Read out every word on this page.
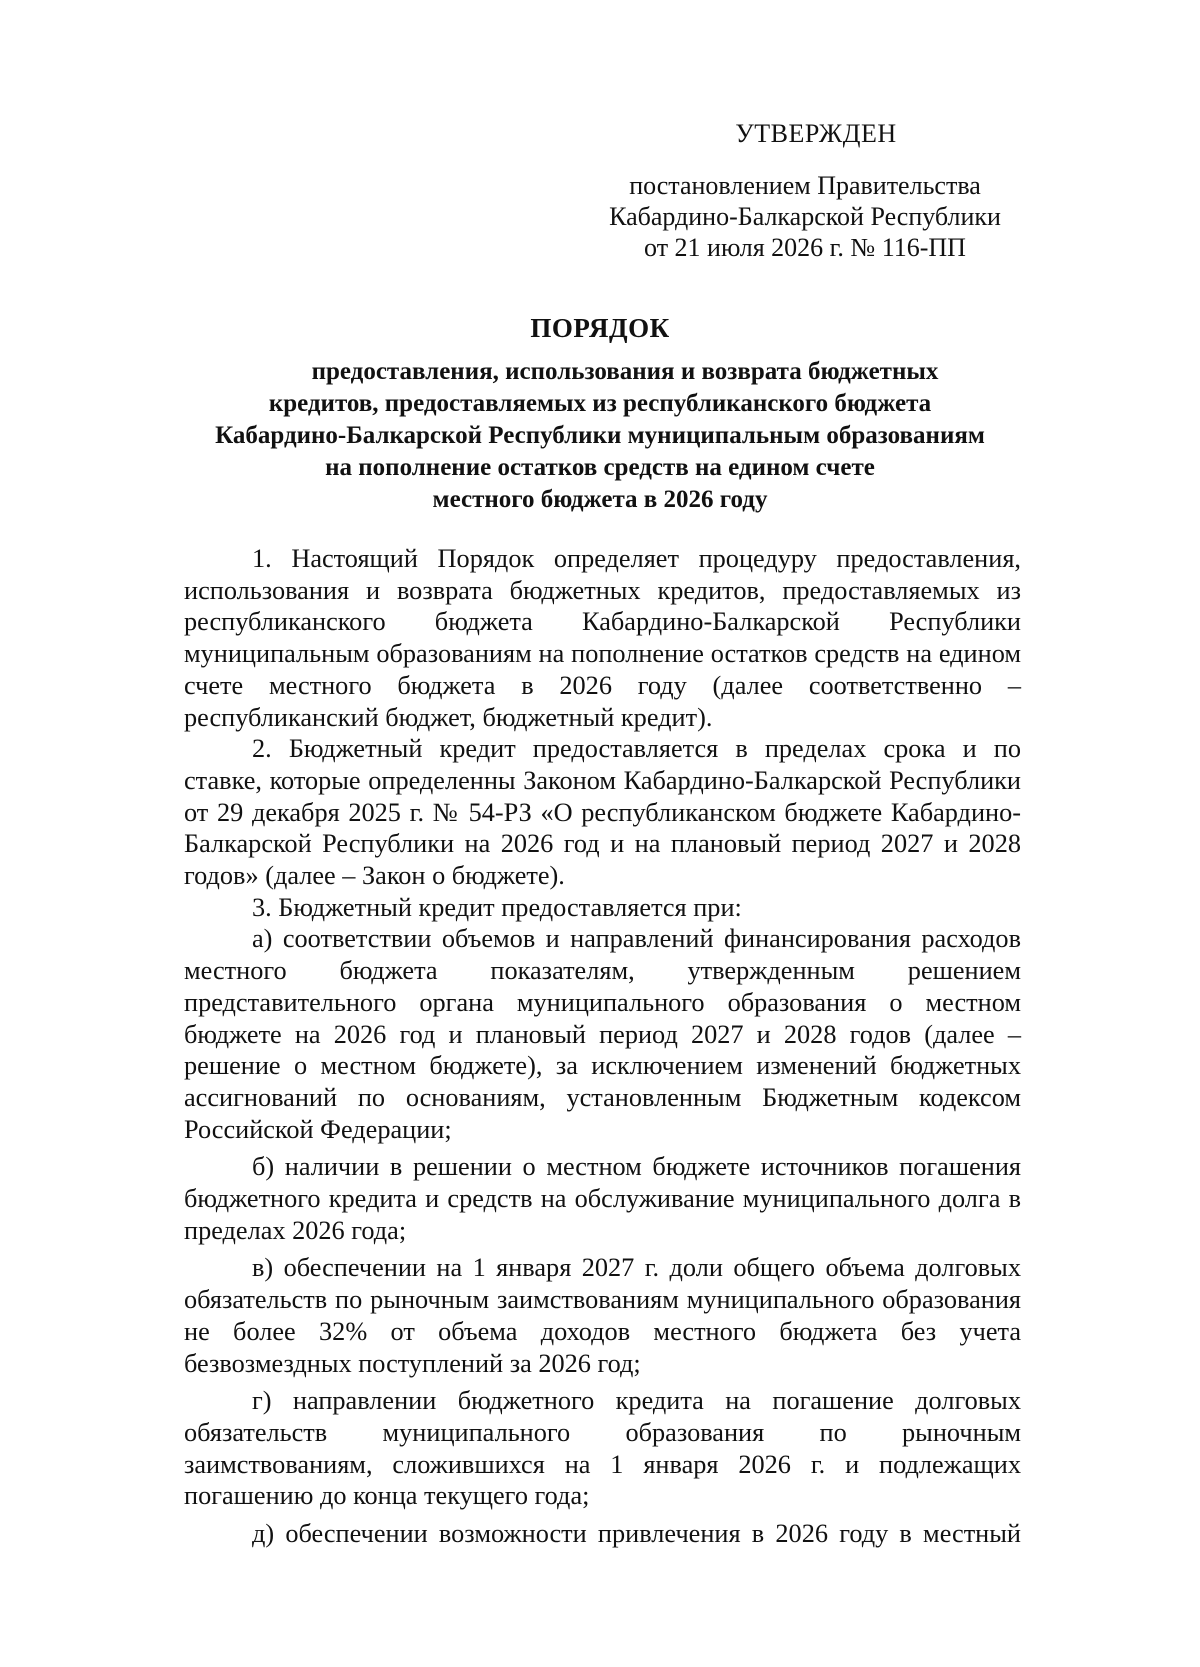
УТВЕРЖДЕН
постановлением Правительства
Кабардино-Балкарской Республики
от 21 июля 2026 г. № 116-ПП
ПОРЯДОК
предоставления, использования и возврата бюджетных
кредитов, предоставляемых из республиканского бюджета
Кабардино-Балкарской Республики муниципальным образованиям
на пополнение остатков средств на едином счете
местного бюджета в 2026 году

1. Настоящий Порядок определяет процедуру предоставления, использования и возврата бюджетных кредитов, предоставляемых из республиканского бюджета Кабардино-Балкарской Республики муниципальным образованиям на пополнение остатков средств на едином счете местного бюджета в 2026 году (далее соответственно – республиканский бюджет, бюджетный кредит).

2. Бюджетный кредит предоставляется в пределах срока и по ставке, которые определенны Законом Кабардино-Балкарской Республики от 29 декабря 2025 г. № 54-РЗ «О республиканском бюджете Кабардино-Балкарской Республики на 2026 год и на плановый период 2027 и 2028 годов» (далее – Закон о бюджете).

3. Бюджетный кредит предоставляется при:

а) соответствии объемов и направлений финансирования расходов местного бюджета показателям, утвержденным решением представительного органа муниципального образования о местном бюджете на 2026 год и плановый период 2027 и 2028 годов (далее – решение о местном бюджете), за исключением изменений бюджетных ассигнований по основаниям, установленным Бюджетным кодексом Российской Федерации;

б) наличии в решении о местном бюджете источников погашения бюджетного кредита и средств на обслуживание муниципального долга в пределах 2026 года;

в) обеспечении на 1 января 2027 г. доли общего объема долговых обязательств по рыночным заимствованиям муниципального образования не более 32% от объема доходов местного бюджета без учета безвозмездных поступлений за 2026 год;

г) направлении бюджетного кредита на погашение долговых обязательств муниципального образования по рыночным заимствованиям, сложившихся на 1 января 2026 г. и подлежащих погашению до конца текущего года;

д) обеспечении возможности привлечения в 2026 году в местный
